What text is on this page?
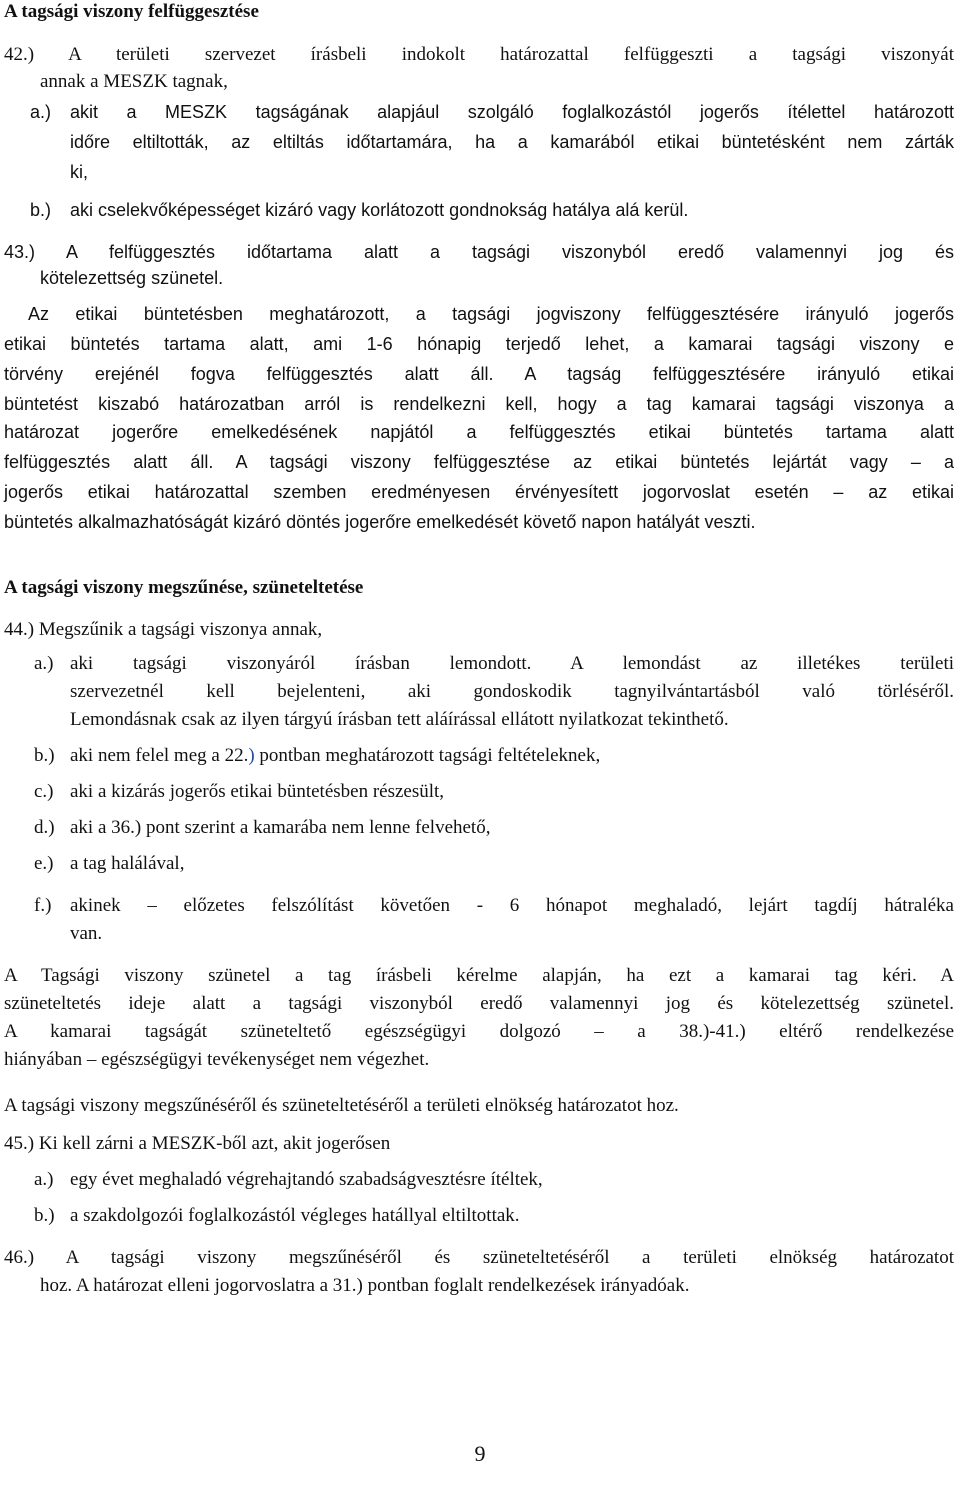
A tagsági viszony felfüggesztése
42.) A területi szervezet írásbeli indokolt határozattal felfüggeszti a tagsági viszonyát
annak a MESZK tagnak,
a.) akit a MESZK tagságának alapjául szolgáló foglalkozástól jogerős ítélettel határozott
időre eltiltották, az eltiltás időtartamára, ha a kamarából etikai büntetésként nem zárták
ki,
b.) aki cselekvőképességet kizáró vagy korlátozott gondnokság hatálya alá kerül.
43.) A felfüggesztés időtartama alatt a tagsági viszonyból eredő valamennyi jog és
kötelezettség szünetel.
Az etikai büntetésben meghatározott, a tagsági jogviszony felfüggesztésére irányuló jogerős
etikai büntetés tartama alatt, ami 1-6 hónapig terjedő lehet, a kamarai tagsági viszony e
törvény erejénél fogva felfüggesztés alatt áll. A tagság felfüggesztésére irányuló etikai
büntetést kiszabó határozatban arról is rendelkezni kell, hogy a tag kamarai tagsági viszonya a
határozat jogerőre emelkedésének napjától a felfüggesztés etikai büntetés tartama alatt
felfüggesztés alatt áll. A tagsági viszony felfüggesztése az etikai büntetés lejártát vagy – a
jogerős etikai határozattal szemben eredményesen érvényesített jogorvoslat esetén – az etikai
büntetés alkalmazhatóságát kizáró döntés jogerőre emelkedését követő napon hatályát veszti.
A tagsági viszony megszűnése, szüneteltetése
44.) Megszűnik a tagsági viszonya annak,
a.) aki tagsági viszonyáról írásban lemondott. A lemondást az illetékes területi
szervezetnél kell bejelenteni, aki gondoskodik tagnyilvántartásból való törléséről.
Lemondásnak csak az ilyen tárgyú írásban tett aláírással ellátott nyilatkozat tekinthető.
b.) aki nem felel meg a 22.) pontban meghatározott tagsági feltételeknek,
c.) aki a kizárás jogerős etikai büntetésben részesült,
d.) aki a 36.) pont szerint a kamarába nem lenne felvehető,
e.) a tag halálával,
f.) akinek – előzetes felszólítást követően - 6 hónapot meghaladó, lejárt tagdíj hátraléka
van.
A Tagsági viszony szünetel a tag írásbeli kérelme alapján, ha ezt a kamarai tag kéri. A
szüneteltetés ideje alatt a tagsági viszonyból eredő valamennyi jog és kötelezettség szünetel.
A kamarai tagságát szüneteltető egészségügyi dolgozó – a 38.)-41.) eltérő rendelkezése
hiányában – egészségügyi tevékenységet nem végezhet.
A tagsági viszony megszűnéséről és szüneteltetéséről a területi elnökség határozatot hoz.
45.) Ki kell zárni a MESZK-ből azt, akit jogerősen
a.) egy évet meghaladó végrehajtandó szabadságvesztésre ítéltek,
b.) a szakdolgozói foglalkozástól végleges hatállyal eltiltottak.
46.) A tagsági viszony megszűnéséről és szüneteltetéséről a területi elnökség határozatot
hoz. A határozat elleni jogorvoslatra a 31.) pontban foglalt rendelkezések irányadóak.
9
